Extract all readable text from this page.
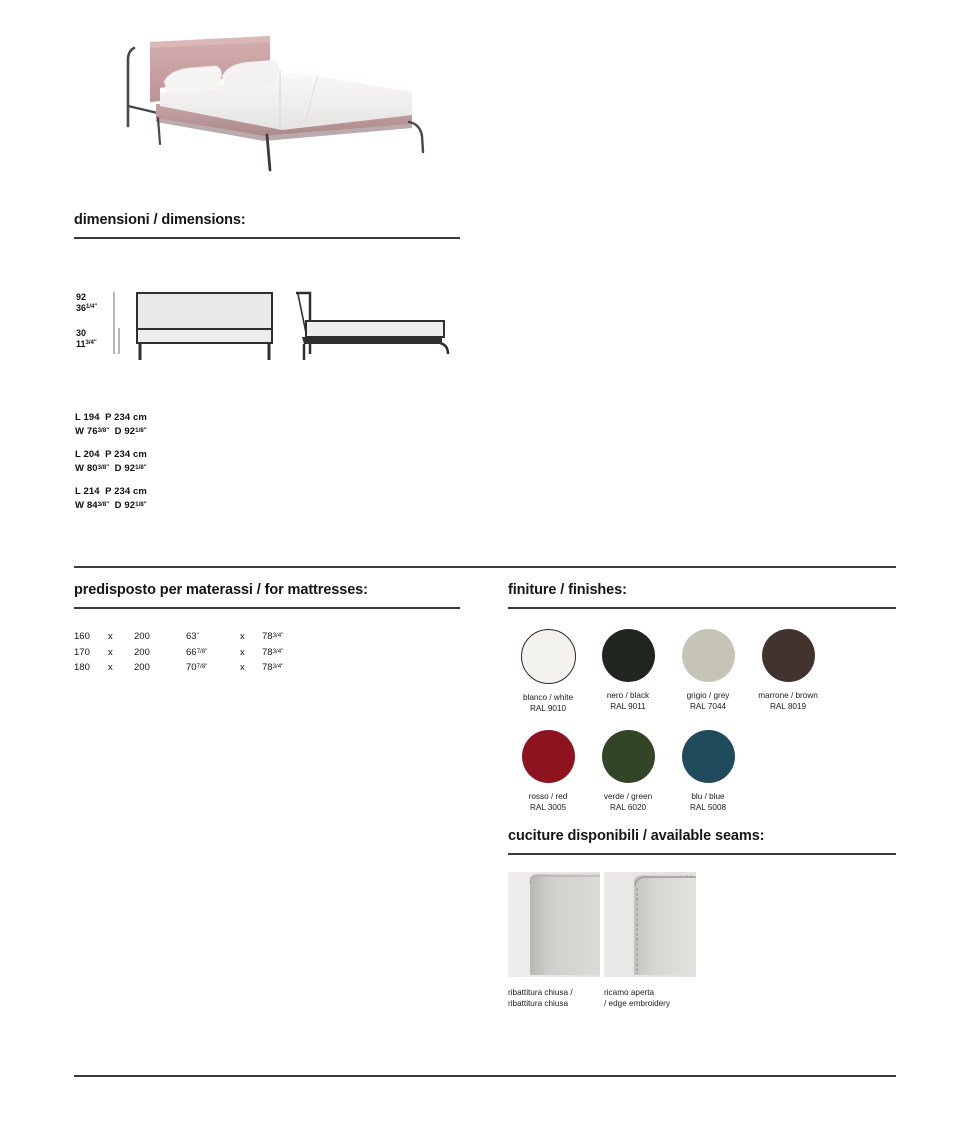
dimensioni / dimensions:
92
$36^{1/4"}$
30
$11^{3/4"}$
L 194 P 234 cm
W $76^{3/8"}$ D $92^{1/8"}$
L 204 P 234 cm
W $80^{3/8"}$ D $92^{1/8"}$
L 214 P 234 cm
W $84^{3/8"}$ D $92^{1/8"}$
predisposto per materassi / for mattresses:
160	x	200	63"	x	$78^{3/4"}$
170	x	200	$66^{7/8"}$	x	$78^{3/4"}$
180	x	200	$70^{7/8"}$	x	$78^{3/4"}$
finiture / finishes:
blanco / white
RAL 9010
nero / black
RAL 9011
grigio / grey
RAL 7044
marrone / brown
RAL 8019
rosso / red
RAL 3005
verde / green
RAL 6020
blu / blue
RAL 5008
cuciture disponibili / available seams:
ribattitura chiusa /
ribattitura chiusa
ricamo aperta
/ edge embroidery
